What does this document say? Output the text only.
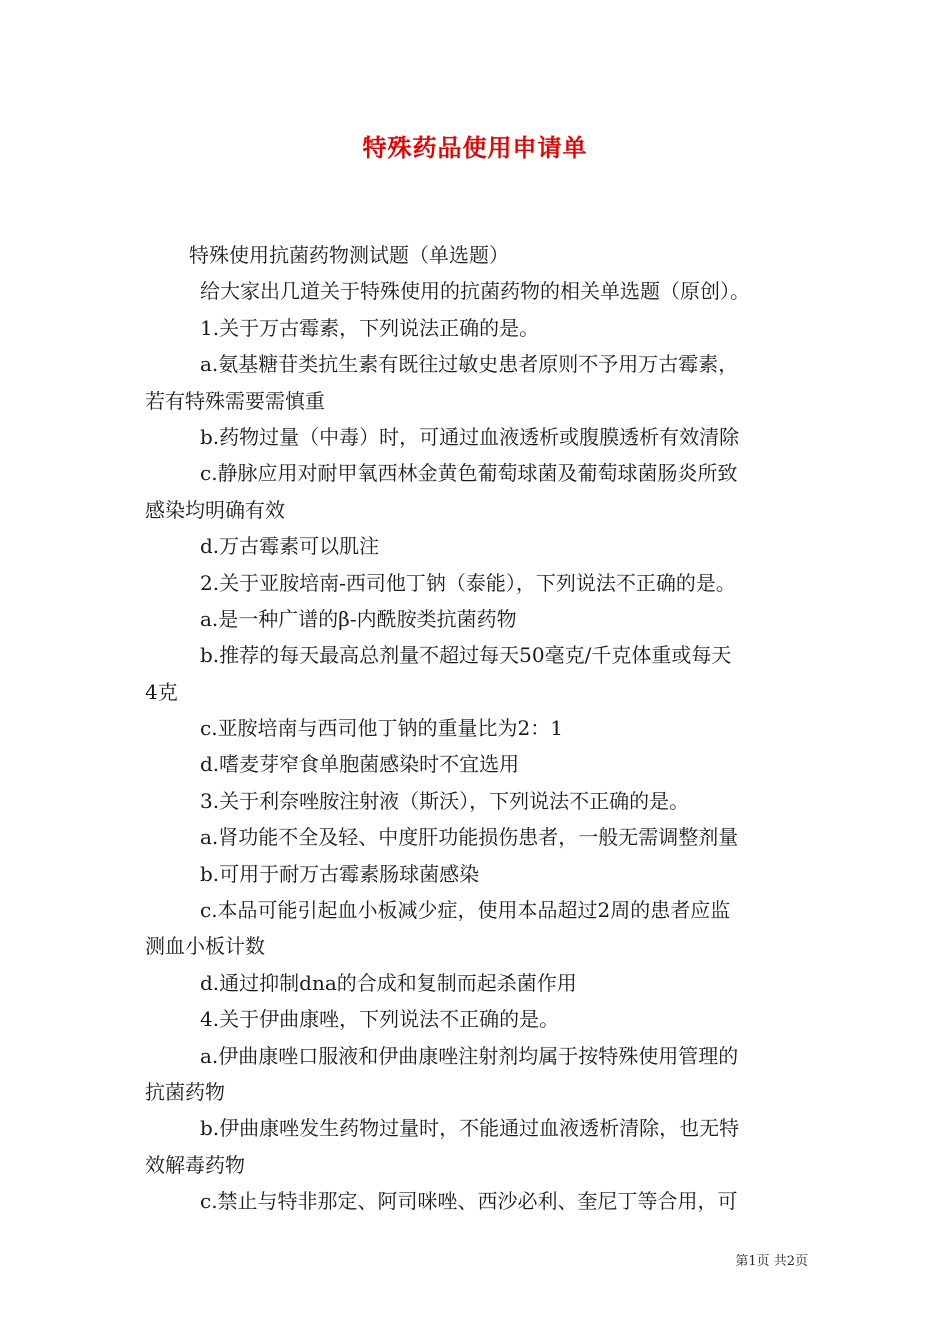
特殊药品使用申请单
特殊使用抗菌药物测试题（单选题）
给大家出几道关于特殊使用的抗菌药物的相关单选题（原创）。
1.关于万古霉素，下列说法正确的是。
a.氨基糖苷类抗生素有既往过敏史患者原则不予用万古霉素，
若有特殊需要需慎重
b.药物过量（中毒）时，可通过血液透析或腹膜透析有效清除
c.静脉应用对耐甲氧西林金黄色葡萄球菌及葡萄球菌肠炎所致
感染均明确有效
d.万古霉素可以肌注
2.关于亚胺培南-西司他丁钠（泰能），下列说法不正确的是。
a.是一种广谱的β-内酰胺类抗菌药物
b.推荐的每天最高总剂量不超过每天50毫克/千克体重或每天
4克
c.亚胺培南与西司他丁钠的重量比为2：1
d.嗜麦芽窄食单胞菌感染时不宜选用
3.关于利奈唑胺注射液（斯沃），下列说法不正确的是。
a.肾功能不全及轻、中度肝功能损伤患者，一般无需调整剂量
b.可用于耐万古霉素肠球菌感染
c.本品可能引起血小板减少症，使用本品超过2周的患者应监
测血小板计数
d.通过抑制dna的合成和复制而起杀菌作用
4.关于伊曲康唑，下列说法不正确的是。
a.伊曲康唑口服液和伊曲康唑注射剂均属于按特殊使用管理的
抗菌药物
b.伊曲康唑发生药物过量时，不能通过血液透析清除，也无特
效解毒药物
c.禁止与特非那定、阿司咪唑、西沙必利、奎尼丁等合用，可
第1页 共2页
